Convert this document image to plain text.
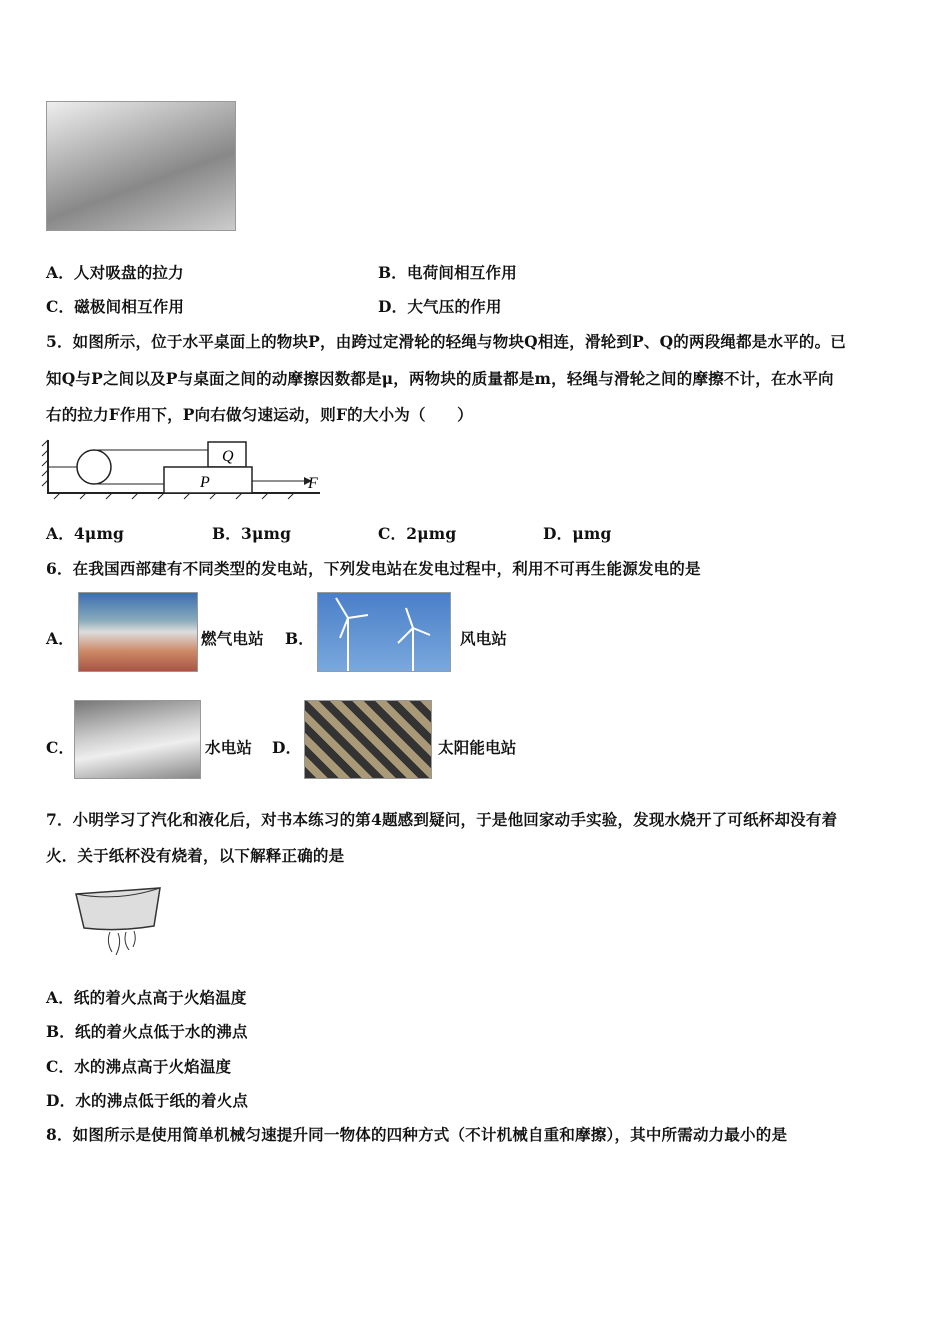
A．人对吸盘的拉力	B．电荷间相互作用
C．磁极间相互作用	D．大气压的作用
5．如图所示，位于水平桌面上的物块P，由跨过定滑轮的轻绳与物块Q相连，滑轮到P、Q的两段绳都是水平的。已
知Q与P之间以及P与桌面之间的动摩擦因数都是μ，两物块的质量都是m，轻绳与滑轮之间的摩擦不计，在水平向
右的拉力F作用下，P向右做匀速运动，则F的大小为（　　）
Q
P	F
A．4μmg	B．3μmg	C．2μmg	D．μmg
6．在我国西部建有不同类型的发电站，下列发电站在发电过程中，利用不可再生能源发电的是
A．	燃气电站 B．	风电站
C．	水电站 D．	太阳能电站
7．小明学习了汽化和液化后，对书本练习的第4题感到疑问，于是他回家动手实验，发现水烧开了可纸杯却没有着
火．关于纸杯没有烧着，以下解释正确的是
A．纸的着火点高于火焰温度
B．纸的着火点低于水的沸点
C．水的沸点高于火焰温度
D．水的沸点低于纸的着火点
8．如图所示是使用简单机械匀速提升同一物体的四种方式（不计机械自重和摩擦），其中所需动力最小的是
